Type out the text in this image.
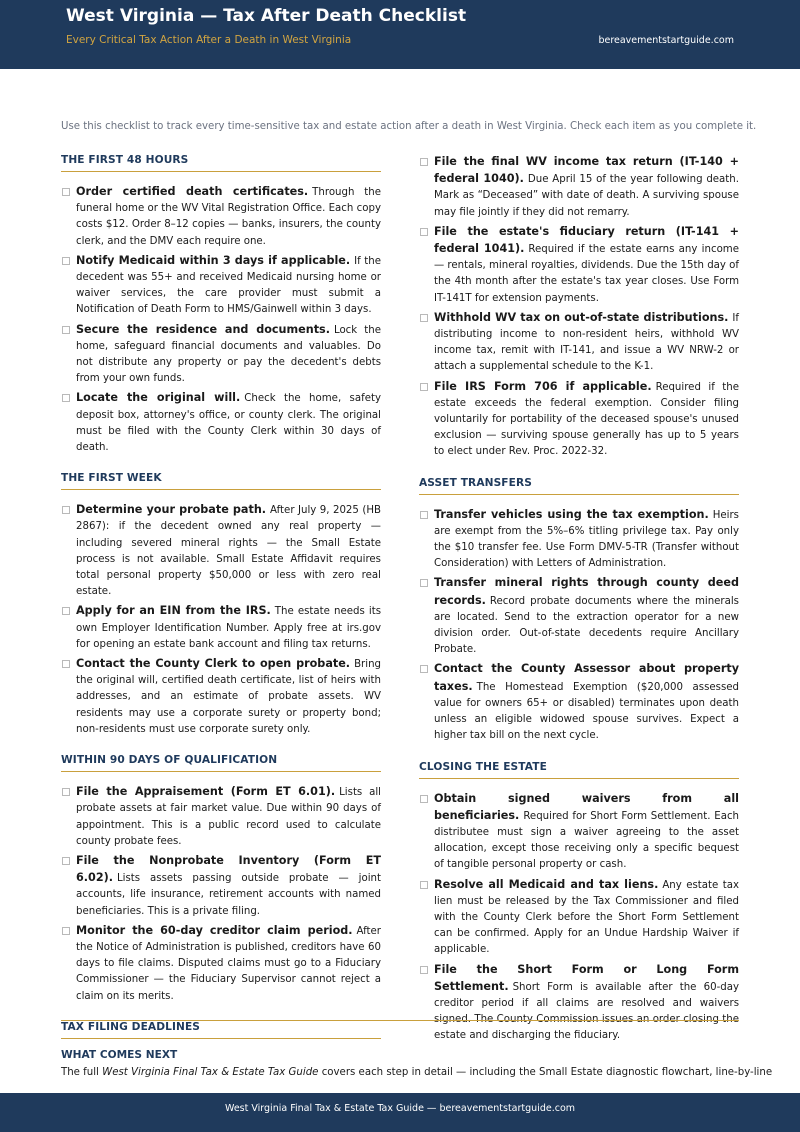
West Virginia — Tax After Death Checklist
Every Critical Tax Action After a Death in West Virginia	bereavementstartguide.com
Use this checklist to track every time-sensitive tax and estate action after a death in West Virginia. Check each item as you complete it.
THE FIRST 48 HOURS
Order certified death certificates. Through the funeral home or the WV Vital Registration Office. Each copy costs $12. Order 8–12 copies — banks, insurers, the county clerk, and the DMV each require one.
Notify Medicaid within 3 days if applicable. If the decedent was 55+ and received Medicaid nursing home or waiver services, the care provider must submit a Notification of Death Form to HMS/Gainwell within 3 days.
Secure the residence and documents. Lock the home, safeguard financial documents and valuables. Do not distribute any property or pay the decedent's debts from your own funds.
Locate the original will. Check the home, safety deposit box, attorney's office, or county clerk. The original must be filed with the County Clerk within 30 days of death.
THE FIRST WEEK
Determine your probate path. After July 9, 2025 (HB 2867): if the decedent owned any real property — including severed mineral rights — the Small Estate process is not available. Small Estate Affidavit requires total personal property $50,000 or less with zero real estate.
Apply for an EIN from the IRS. The estate needs its own Employer Identification Number. Apply free at irs.gov for opening an estate bank account and filing tax returns.
Contact the County Clerk to open probate. Bring the original will, certified death certificate, list of heirs with addresses, and an estimate of probate assets. WV residents may use a corporate surety or property bond; non-residents must use corporate surety only.
WITHIN 90 DAYS OF QUALIFICATION
File the Appraisement (Form ET 6.01). Lists all probate assets at fair market value. Due within 90 days of appointment. This is a public record used to calculate county probate fees.
File the Nonprobate Inventory (Form ET 6.02). Lists assets passing outside probate — joint accounts, life insurance, retirement accounts with named beneficiaries. This is a private filing.
Monitor the 60-day creditor claim period. After the Notice of Administration is published, creditors have 60 days to file claims. Disputed claims must go to a Fiduciary Commissioner — the Fiduciary Supervisor cannot reject a claim on its merits.
TAX FILING DEADLINES
File the final WV income tax return (IT-140 + federal 1040). Due April 15 of the year following death. Mark as “Deceased” with date of death. A surviving spouse may file jointly if they did not remarry.
File the estate's fiduciary return (IT-141 + federal 1041). Required if the estate earns any income — rentals, mineral royalties, dividends. Due the 15th day of the 4th month after the estate's tax year closes. Use Form IT-141T for extension payments.
Withhold WV tax on out-of-state distributions. If distributing income to non-resident heirs, withhold WV income tax, remit with IT-141, and issue a WV NRW-2 or attach a supplemental schedule to the K-1.
File IRS Form 706 if applicable. Required if the estate exceeds the federal exemption. Consider filing voluntarily for portability of the deceased spouse's unused exclusion — surviving spouse generally has up to 5 years to elect under Rev. Proc. 2022-32.
ASSET TRANSFERS
Transfer vehicles using the tax exemption. Heirs are exempt from the 5%–6% titling privilege tax. Pay only the $10 transfer fee. Use Form DMV-5-TR (Transfer without Consideration) with Letters of Administration.
Transfer mineral rights through county deed records. Record probate documents where the minerals are located. Send to the extraction operator for a new division order. Out-of-state decedents require Ancillary Probate.
Contact the County Assessor about property taxes. The Homestead Exemption ($20,000 assessed value for owners 65+ or disabled) terminates upon death unless an eligible widowed spouse survives. Expect a higher tax bill on the next cycle.
CLOSING THE ESTATE
Obtain signed waivers from all beneficiaries. Required for Short Form Settlement. Each distributee must sign a waiver agreeing to the asset allocation, except those receiving only a specific bequest of tangible personal property or cash.
Resolve all Medicaid and tax liens. Any estate tax lien must be released by the Tax Commissioner and filed with the County Clerk before the Short Form Settlement can be confirmed. Apply for an Undue Hardship Waiver if applicable.
File the Short Form or Long Form Settlement. Short Form is available after the 60-day creditor period if all claims are resolved and waivers signed. The County Commission issues an order closing the estate and discharging the fiduciary.
WHAT COMES NEXT
The full West Virginia Final Tax & Estate Tax Guide covers each step in detail — including the Small Estate diagnostic flowchart, line-by-line
West Virginia Final Tax & Estate Tax Guide — bereavementstartguide.com
